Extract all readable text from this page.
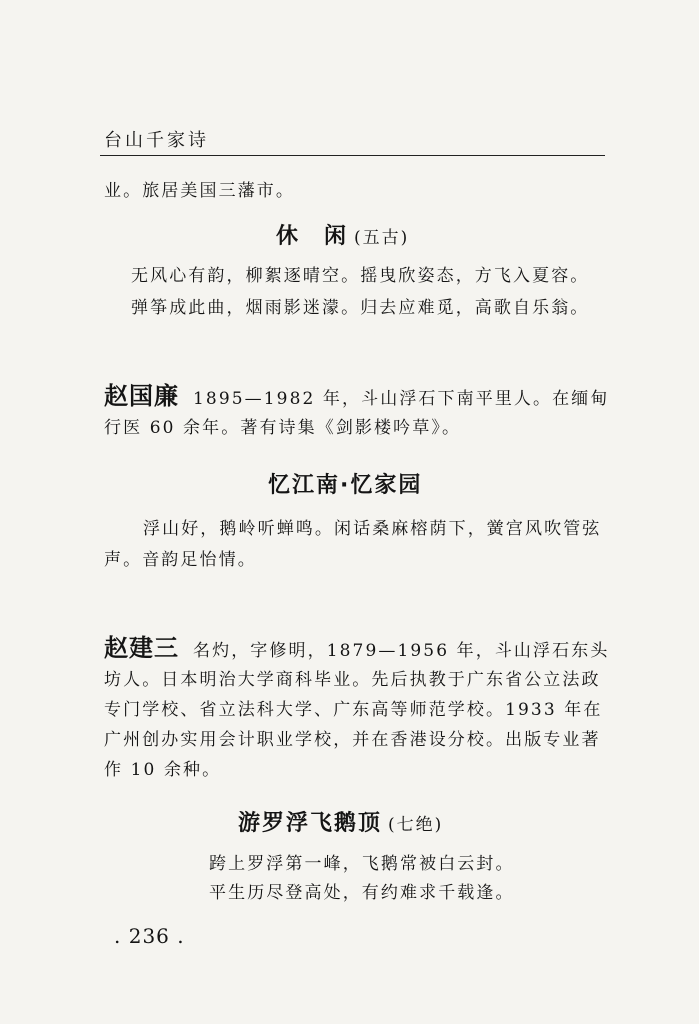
台山千家诗
业。旅居美国三藩市。
休　闲 (五古)
无风心有韵，柳絮逐晴空。摇曳欣姿态，方飞入夏容。
弹筝成此曲，烟雨影迷濛。归去应难觅，高歌自乐翁。
赵国廉 1895—1982 年，斗山浮石下南平里人。在缅甸
行医 60 余年。著有诗集《剑影楼吟草》。
忆江南·忆家园
浮山好，鹅岭听蝉鸣。闲话桑麻榕荫下，黉宫风吹管弦
声。音韵足怡情。
赵建三 名灼，字修明，1879—1956 年，斗山浮石东头
坊人。日本明治大学商科毕业。先后执教于广东省公立法政
专门学校、省立法科大学、广东高等师范学校。1933 年在
广州创办实用会计职业学校，并在香港设分校。出版专业著
作 10 余种。
游罗浮飞鹅顶 (七绝)
跨上罗浮第一峰，飞鹅常被白云封。
平生历尽登高处，有约难求千载逢。
. 236 .
